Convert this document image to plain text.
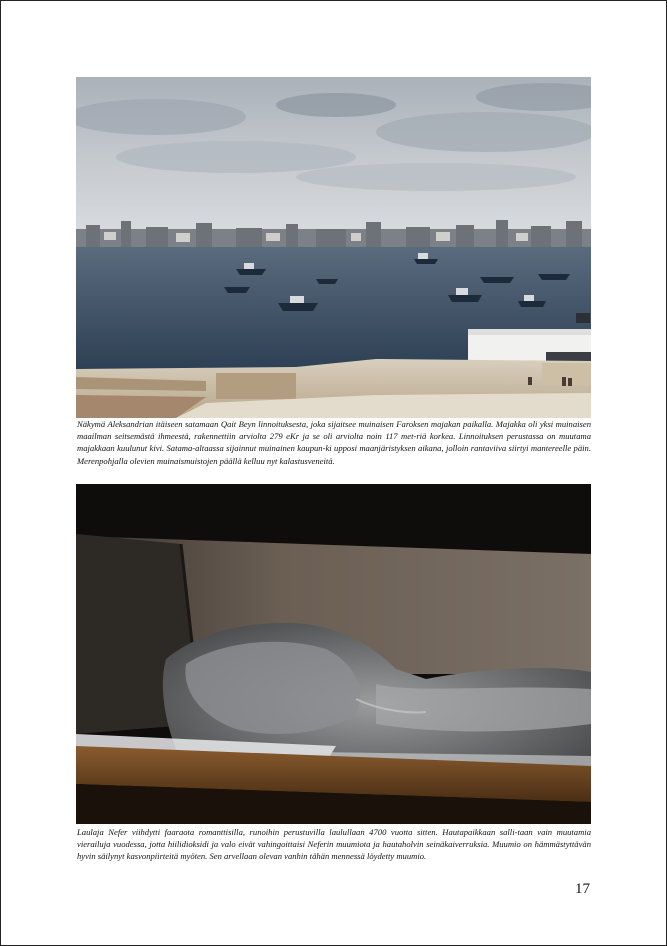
Näkymä Aleksandrian itäiseen satamaan Qait Beyn linnoituksesta, joka sijaitsee muinaisen Faroksen majakan paikalla. Majakka oli yksi muinaisen maailman seitsemästä ihmeestä, rakennettiin arviolta 279 eKr ja se oli arviolta noin 117 met-riä korkea. Linnoituksen perustassa on muutama majakkaan kuulunut kivi. Satama-altaassa sijainnut muinainen kaupun-ki upposi maanjäristyksen aikana, jolloin rantaviiva siirtyi mantereelle päin. Merenpohjalla olevien muinaismuistojen päällä kelluu nyt kalastusveneitä.
Laulaja Nefer viihdytti faaraota romanttisilla, runoihin perustuvilla laulullaan 4700 vuotta sitten. Hautapaikkaan salli-taan vain muutamia vierailuja vuodessa, jotta hiilidioksidi ja valo eivät vahingoittaisi Neferin muumiota ja hautaholvin seinäkaiverruksia. Muumio on hämmästyttävän hyvin säilynyt kasvonpiirteitä myöten. Sen arvellaan olevan vanhin tähän mennessä löydetty muumio.
17
